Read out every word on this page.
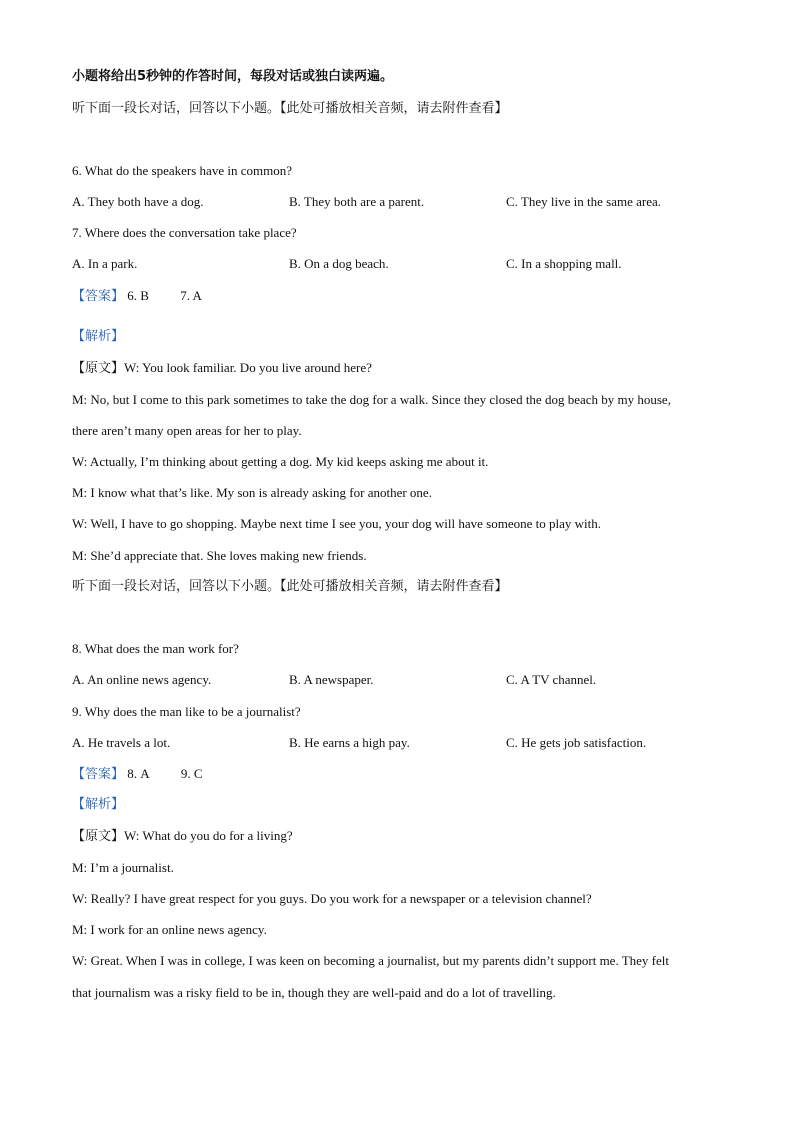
小题将给出5秒钟的作答时间，每段对话或独白读两遍。
听下面一段长对话，回答以下小题。【此处可播放相关音频，请去附件查看】
6. What do the speakers have in common?
A. They both have a dog.	B. They both are a parent.	C. They live in the same area.
7. Where does the conversation take place?
A. In a park.	B. On a dog beach.	C. In a shopping mall.
【答案】 6. B 7. A
【解析】
【原文】W: You look familiar. Do you live around here?
M: No, but I come to this park sometimes to take the dog for a walk. Since they closed the dog beach by my house,
there aren’t many open areas for her to play.
W: Actually, I’m thinking about getting a dog. My kid keeps asking me about it.
M: I know what that’s like. My son is already asking for another one.
W: Well, I have to go shopping. Maybe next time I see you, your dog will have someone to play with.
M: She’d appreciate that. She loves making new friends.
听下面一段长对话，回答以下小题。【此处可播放相关音频，请去附件查看】
8. What does the man work for?
A. An online news agency.	B. A newspaper.	C. A TV channel.
9. Why does the man like to be a journalist?
A. He travels a lot.	B. He earns a high pay.	C. He gets job satisfaction.
【答案】 8. A 9. C
【解析】
【原文】W: What do you do for a living?
M: I’m a journalist.
W: Really? I have great respect for you guys. Do you work for a newspaper or a television channel?
M: I work for an online news agency.
W: Great. When I was in college, I was keen on becoming a journalist, but my parents didn’t support me. They felt
that journalism was a risky field to be in, though they are well-paid and do a lot of travelling.
